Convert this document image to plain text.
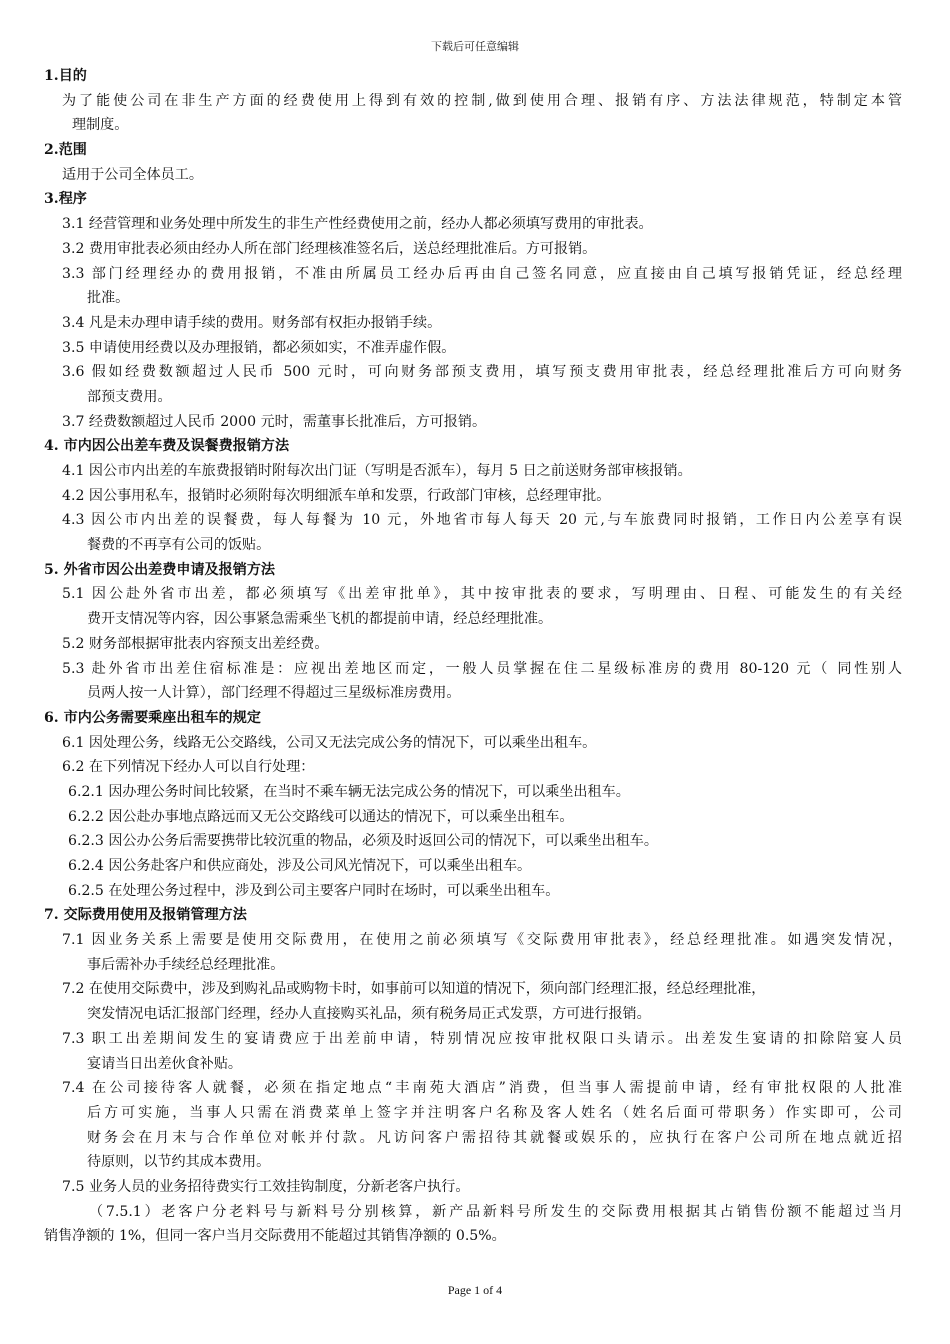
下载后可任意编辑
1.目的
为了能使公司在非生产方面的经费使用上得到有效的控制,做到使用合理、报销有序、方法法律规范，特制定本管
理制度。
2.范围
适用于公司全体员工。
3.程序
3.1 经营管理和业务处理中所发生的非生产性经费使用之前，经办人都必须填写费用的审批表。
3.2 费用审批表必须由经办人所在部门经理核准签名后，送总经理批准后。方可报销。
3.3 部门经理经办的费用报销，不准由所属员工经办后再由自己签名同意，应直接由自己填写报销凭证，经总经理
批准。
3.4 凡是未办理申请手续的费用。财务部有权拒办报销手续。
3.5 申请使用经费以及办理报销，都必须如实，不准弄虚作假。
3.6 假如经费数额超过人民币 500 元时，可向财务部预支费用，填写预支费用审批表，经总经理批准后方可向财务
部预支费用。
3.7 经费数额超过人民币 2000 元时，需董事长批准后，方可报销。
4. 市内因公出差车费及误餐费报销方法
4.1 因公市内出差的车旅费报销时附每次出门证（写明是否派车），每月 5 日之前送财务部审核报销。
4.2 因公事用私车，报销时必须附每次明细派车单和发票，行政部门审核，总经理审批。
4.3 因公市内出差的误餐费，每人每餐为 10 元，外地省市每人每天 20 元,与车旅费同时报销，工作日内公差享有误
餐费的不再享有公司的饭贴。
5. 外省市因公出差费申请及报销方法
5.1 因公赴外省市出差，都必须填写《出差审批单》，其中按审批表的要求，写明理由、日程、可能发生的有关经
费开支情况等内容，因公事紧急需乘坐飞机的都提前申请，经总经理批准。
5.2 财务部根据审批表内容预支出差经费。
5.3 赴外省市出差住宿标准是：应视出差地区而定，一般人员掌握在住二星级标准房的费用 80-120 元（ 同性别人
员两人按一人计算），部门经理不得超过三星级标准房费用。
6. 市内公务需要乘座出租车的规定
6.1 因处理公务，线路无公交路线，公司又无法完成公务的情况下，可以乘坐出租车。
6.2 在下列情况下经办人可以自行处理：
6.2.1 因办理公务时间比较紧，在当时不乘车辆无法完成公务的情况下，可以乘坐出租车。
6.2.2 因公赴办事地点路远而又无公交路线可以通达的情况下，可以乘坐出租车。
6.2.3 因公办公务后需要携带比较沉重的物品，必须及时返回公司的情况下，可以乘坐出租车。
6.2.4 因公务赴客户和供应商处，涉及公司风光情况下，可以乘坐出租车。
6.2.5 在处理公务过程中，涉及到公司主要客户同时在场时，可以乘坐出租车。
7. 交际费用使用及报销管理方法
7.1 因业务关系上需要是使用交际费用，在使用之前必须填写《交际费用审批表》，经总经理批准。如遇突发情况，
事后需补办手续经总经理批准。
7.2 在使用交际费中，涉及到购礼品或购物卡时，如事前可以知道的情况下，须向部门经理汇报，经总经理批准，
突发情况电话汇报部门经理，经办人直接购买礼品，须有税务局正式发票，方可进行报销。
7.3 职工出差期间发生的宴请费应于出差前申请，特别情况应按审批权限口头请示。出差发生宴请的扣除陪宴人员
宴请当日出差伙食补贴。
7.4 在公司接待客人就餐，必须在指定地点“丰南苑大酒店”消费，但当事人需提前申请，经有审批权限的人批准
后方可实施，当事人只需在消费菜单上签字并注明客户名称及客人姓名（姓名后面可带职务）作实即可，公司
财务会在月末与合作单位对帐并付款。凡访问客户需招待其就餐或娱乐的，应执行在客户公司所在地点就近招
待原则，以节约其成本费用。
7.5 业务人员的业务招待费实行工效挂钩制度，分新老客户执行。
（7.5.1）老客户分老料号与新料号分别核算，新产品新料号所发生的交际费用根据其占销售份额不能超过当月
销售净额的 1%，但同一客户当月交际费用不能超过其销售净额的 0.5%。
Page 1 of 4
